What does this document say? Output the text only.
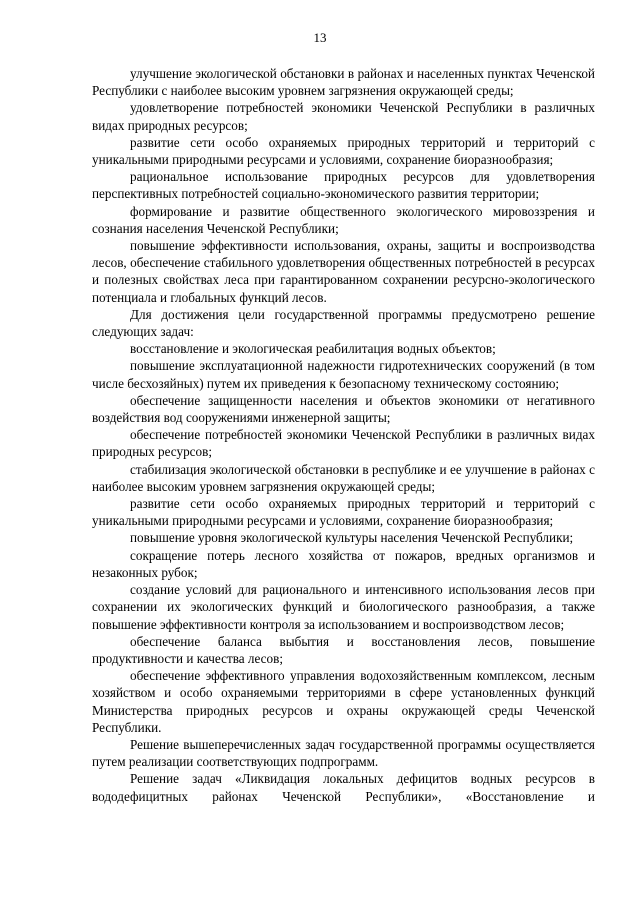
13

улучшение экологической обстановки в районах и населенных пунктах Чеченской Республики с наиболее высоким уровнем загрязнения окружающей среды;

удовлетворение потребностей экономики Чеченской Республики в различных видах природных ресурсов;

развитие сети особо охраняемых природных территорий и территорий с уникальными природными ресурсами и условиями, сохранение биоразнообразия;

рациональное использование природных ресурсов для удовлетворения перспективных потребностей социально-экономического развития территории;

формирование и развитие общественного экологического мировоззрения и сознания населения Чеченской Республики;

повышение эффективности использования, охраны, защиты и воспроизводства лесов, обеспечение стабильного удовлетворения общественных потребностей в ресурсах и полезных свойствах леса при гарантированном сохранении ресурсно-экологического потенциала и глобальных функций лесов.

Для достижения цели государственной программы предусмотрено решение следующих задач:

восстановление и экологическая реабилитация водных объектов;

повышение эксплуатационной надежности гидротехнических сооружений (в том числе бесхозяйных) путем их приведения к безопасному техническому состоянию;

обеспечение защищенности населения и объектов экономики от негативного воздействия вод сооружениями инженерной защиты;

обеспечение потребностей экономики Чеченской Республики в различных видах природных ресурсов;

стабилизация экологической обстановки в республике и ее улучшение в районах с наиболее высоким уровнем загрязнения окружающей среды;

развитие сети особо охраняемых природных территорий и территорий с уникальными природными ресурсами и условиями, сохранение биоразнообразия;

повышение уровня экологической культуры населения Чеченской Республики;

сокращение потерь лесного хозяйства от пожаров, вредных организмов и незаконных рубок;

создание условий для рационального и интенсивного использования лесов при сохранении их экологических функций и биологического разнообразия, а также повышение эффективности контроля за использованием и воспроизводством лесов;

обеспечение баланса выбытия и восстановления лесов, повышение продуктивности и качества лесов;

обеспечение эффективного управления водохозяйственным комплексом, лесным хозяйством и особо охраняемыми территориями в сфере установленных функций Министерства природных ресурсов и охраны окружающей среды Чеченской Республики.

Решение вышеперечисленных задач государственной программы осуществляется путем реализации соответствующих подпрограмм.

Решение задач «Ликвидация локальных дефицитов водных ресурсов в вододефицитных районах Чеченской Республики», «Восстановление и
